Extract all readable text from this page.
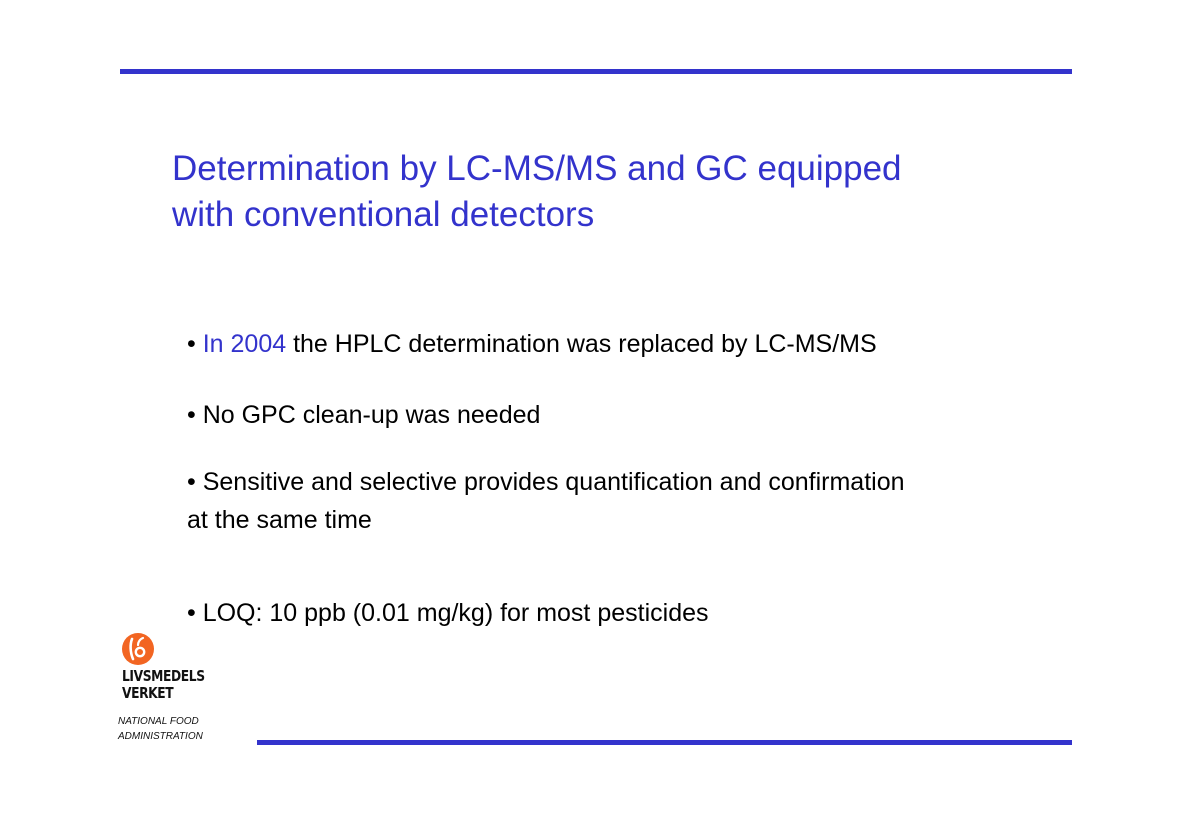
Determination by LC-MS/MS and GC equipped
with conventional detectors
• In 2004 the HPLC determination was replaced by LC-MS/MS
• No GPC clean-up was needed
• Sensitive and selective provides quantification and confirmation
at the same time
• LOQ: 10 ppb (0.01 mg/kg) for most pesticides
LIVSMEDELS
VERKET
NATIONAL FOOD
ADMINISTRATION
